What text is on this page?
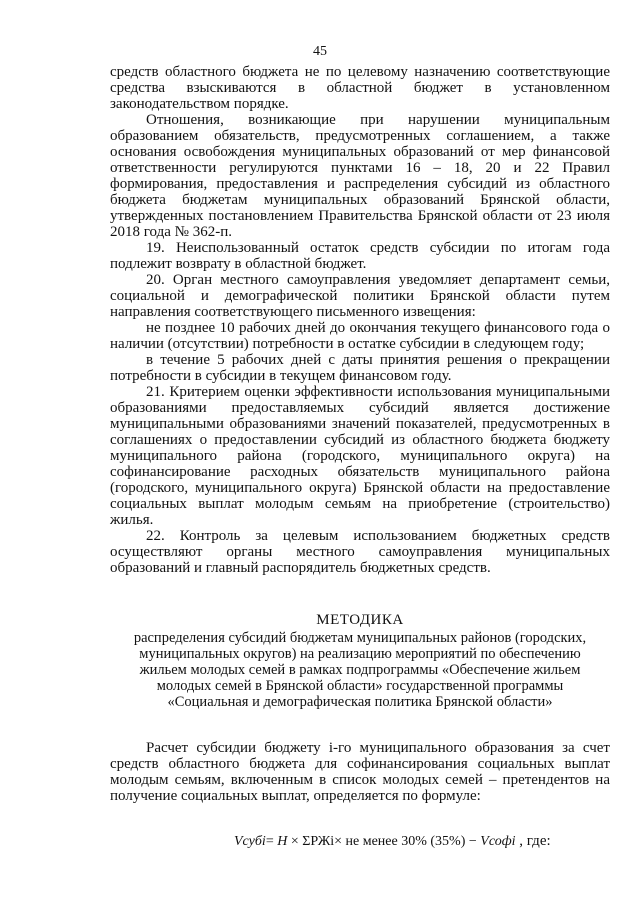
45

средств областного бюджета не по целевому назначению соответствующие средства взыскиваются в областной бюджет в установленном законодательством порядке.

Отношения, возникающие при нарушении муниципальным образованием обязательств, предусмотренных соглашением, а также основания освобождения муниципальных образований от мер финансовой ответственности регулируются пунктами 16 – 18, 20 и 22 Правил формирования, предоставления и распределения субсидий из областного бюджета бюджетам муниципальных образований Брянской области, утвержденных постановлением Правительства Брянской области от 23 июля 2018 года № 362-п.

19. Неиспользованный остаток средств субсидии по итогам года подлежит возврату в областной бюджет.

20. Орган местного самоуправления уведомляет департамент семьи, социальной и демографической политики Брянской области путем направления соответствующего письменного извещения:

не позднее 10 рабочих дней до окончания текущего финансового года о наличии (отсутствии) потребности в остатке субсидии в следующем году;

в течение 5 рабочих дней с даты принятия решения о прекращении потребности в субсидии в текущем финансовом году.

21. Критерием оценки эффективности использования муниципальными образованиями предоставляемых субсидий является достижение муниципальными образованиями значений показателей, предусмотренных в соглашениях о предоставлении субсидий из областного бюджета бюджету муниципального района (городского, муниципального округа) на софинансирование расходных обязательств муниципального района (городского, муниципального округа) Брянской области на предоставление социальных выплат молодым семьям на приобретение (строительство) жилья.

22. Контроль за целевым использованием бюджетных средств осуществляют органы местного самоуправления муниципальных образований и главный распорядитель бюджетных средств.

МЕТОДИКА
распределения субсидий бюджетам муниципальных районов (городских,
муниципальных округов) на реализацию мероприятий по обеспечению
жильем молодых семей в рамках подпрограммы «Обеспечение жильем
молодых семей в Брянской области» государственной программы
«Социальная и демографическая политика Брянской области»

Расчет субсидии бюджету i-го муниципального образования за счет средств областного бюджета для софинансирования социальных выплат молодым семьям, включенным в список молодых семей – претендентов на получение социальных выплат, определяется по формуле:

Vсубi= H × ΣРЖi× не менее 30% (35%) − Vсофi , где:
